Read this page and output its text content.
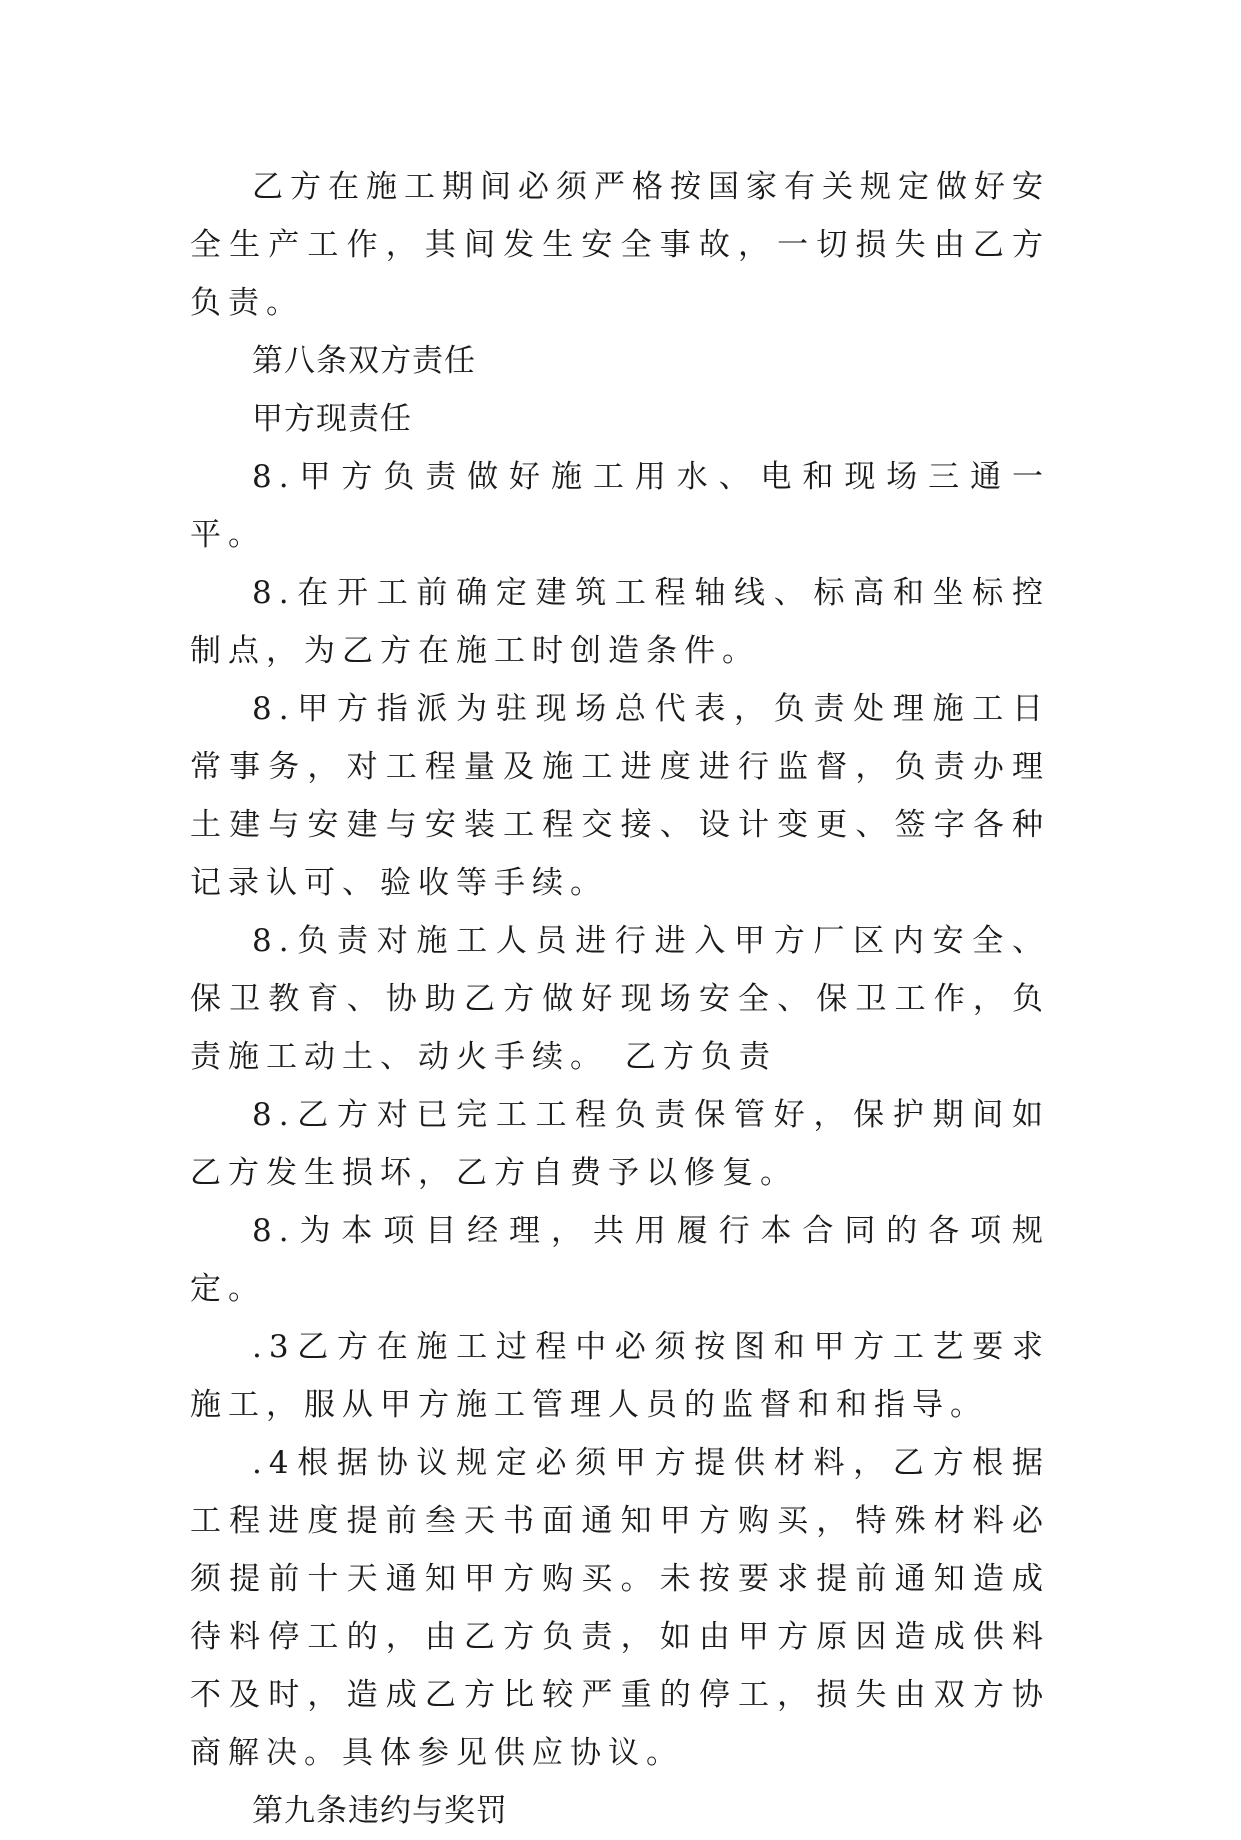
乙方在施工期间必须严格按国家有关规定做好安全生产工作，其间发生安全事故，一切损失由乙方负责。

第八条双方责任

甲方现责任

8.甲方负责做好施工用水、电和现场三通一平。

8.在开工前确定建筑工程轴线、标高和坐标控制点，为乙方在施工时创造条件。

8.甲方指派为驻现场总代表，负责处理施工日常事务，对工程量及施工进度进行监督，负责办理土建与安建与安装工程交接、设计变更、签字各种记录认可、验收等手续。

8.负责对施工人员进行进入甲方厂区内安全、保卫教育、协助乙方做好现场安全、保卫工作，负责施工动土、动火手续。 乙方负责

8.乙方对已完工工程负责保管好，保护期间如乙方发生损坏，乙方自费予以修复。

8.为本项目经理，共用履行本合同的各项规定。

.3乙方在施工过程中必须按图和甲方工艺要求施工，服从甲方施工管理人员的监督和和指导。

.4根据协议规定必须甲方提供材料，乙方根据工程进度提前叁天书面通知甲方购买，特殊材料必须提前十天通知甲方购买。未按要求提前通知造成待料停工的，由乙方负责，如由甲方原因造成供料不及时，造成乙方比较严重的停工，损失由双方协商解决。具体参见供应协议。

第九条违约与奖罚
